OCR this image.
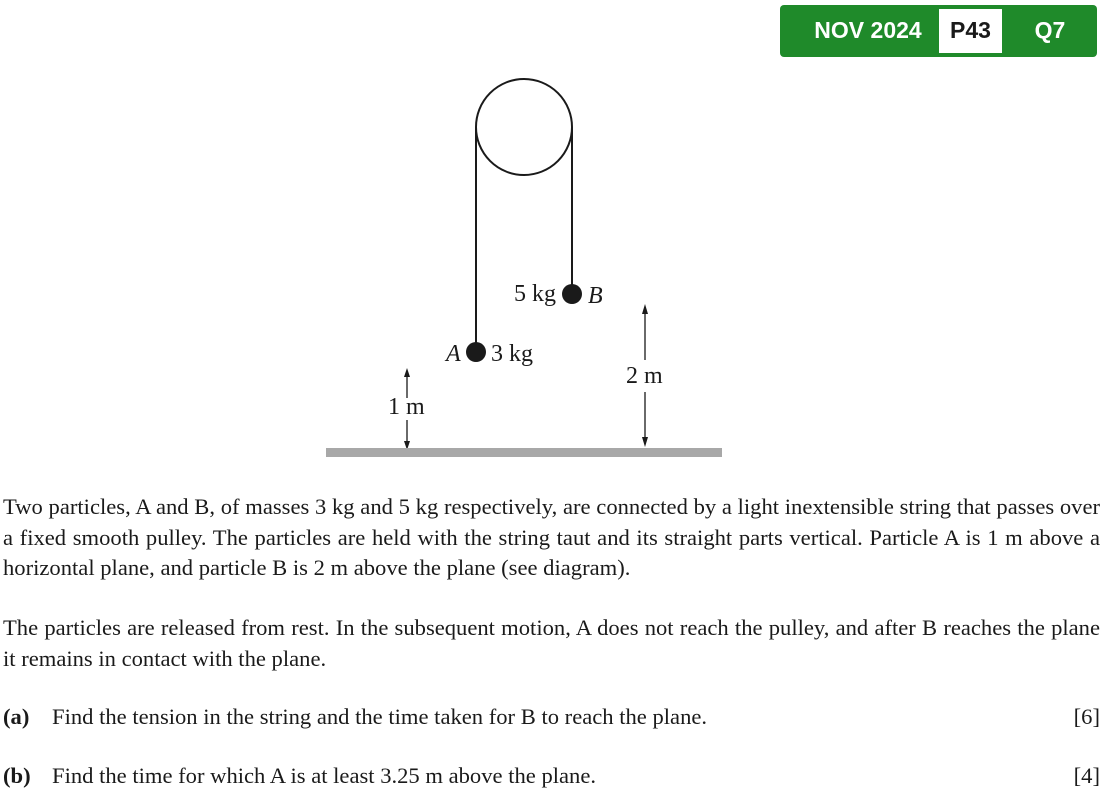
NOV 2024	P43	Q7
A 3 kg
5 kg B
1 m
2 m

Two particles, A and B, of masses 3 kg and 5 kg respectively, are connected by a light inextensible string that passes over a fixed smooth pulley. The particles are held with the string taut and its straight parts vertical. Particle A is 1 m above a horizontal plane, and particle B is 2 m above the plane (see diagram).

The particles are released from rest. In the subsequent motion, A does not reach the pulley, and after B reaches the plane it remains in contact with the plane.

(a) Find the tension in the string and the time taken for B to reach the plane.	[6]
(b) Find the time for which A is at least 3.25 m above the plane.	[4]
